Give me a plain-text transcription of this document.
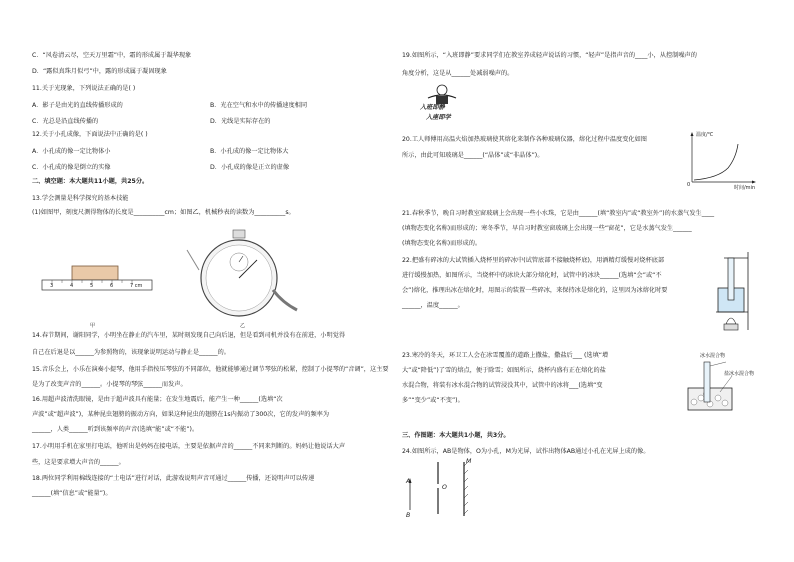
C．“风卷清云尽，空天万里霜”中，霜的形成属于凝华现象
D．“露似真珠月似弓”中，露的形成属于凝固现象
11.关于光现象，下列说法正确的是( )
A．影子是由光的直线传播形成的	B．光在空气和水中的传播速度相同
C．光总是沿直线传播的	D．光线是实际存在的
12.关于小孔成像，下面说法中正确的是( )
A．小孔成的像一定比物体小	B．小孔成的像一定比物体大
C．小孔成的像是倒立的实像	D．小孔成的像是正立的虚像
二、填空题：本大题共11小题，共25分。
13.学会测量是科学探究的基本技能
(1)如图甲，刻度尺测得物体的长度是__________cm；如图乙，机械秒表的读数为__________s。
3	4	5	6	7 cm
甲	乙
14.春节期间，谢阳同学，小明坐在静止的汽车里，某时刻发现自己向后退，但是看到司机并没有在前进，小明觉得
自己在后退是以______为参照物的，该现象说明运动与静止是______的。
15.音乐会上，小乐在演奏小提琴，他用手指按压琴弦的不同部位，他就能够通过调节琴弦的松紧，控制了小提琴的“音调”，这主要
是为了改变声音的______。小提琴的琴弦______而发声。
16.用超声波清洗眼镜，是由于超声波具有能量；在发生地震后，能产生一种______(选填“次
声波”或“超声波”)，某种昆虫翅膀的振动方向，如果这种昆虫的翅膀在1s内振动了300次，它的发声的频率为
______，人类______听到该频率的声音(选填“能”或“不能”)。
17.小明用手机在家里打电话，他听出是妈妈在接电话，主要是依据声音的______不同来判断的。妈妈让他说话大声
些，这是要求增大声音的______。
18.两位同学利用棉线连接的“土电话”进行对话，此游戏说明声音可通过______传播，还说明声可以传递
______(填“信息”或“能量”)。
19.如图所示，“入班即静”要求同学们在教室养成轻声说话的习惯，“轻声”是指声音的____小，从控制噪声的
角度分析，这是从______处减弱噪声的。
入班即静
入座即学
20.工人师傅用高温火焰加热玻璃使其熔化来制作各种玻璃仪器，熔化过程中温度变化如图
所示，由此可知玻璃是______(“晶体”或“非晶体”)。
温度/℃
时间/min
0
21.春秋季节，晚自习时教室窗玻璃上会出现一些小水珠，它是由______(填“教室内”或“教室外”)的水蒸气发生____
(填物态变化名称)而形成的；寒冬季节，早自习时教室窗玻璃上会出现一些“窗花”，它是水蒸气发生______
(填物态变化名称)而形成的。
22.把盛有碎冰的大试管插入烧杯里的碎冰中(试管底部不接触烧杯底)，用酒精灯缓慢对烧杯底部
进行缓慢加热，如图所示，当烧杯中的冰块大部分熔化时，试管中的冰块______(选填“会”或“不
会”)熔化，推理出冰在熔化时，用图示的装置一些碎冰，来保持冰是熔化的，这里因为冰熔化时要
______，温度______。
23.寒冷的冬天，环卫工人会在冰雪覆盖的道路上撒盐，撒盐后___ (选填“增
大”或“降低”)了雪的熔点，便于除雪；如图所示，烧杯内盛有正在熔化的盐
水混合物，将装有冰水混合物的试管浸没其中，试管中的冰将___(选填“变
多”“变少”或“不变”)。
冰水混合物
盐冰水混合物
三、作图题：本大题共1小题，共3分。
24.如图所示，AB是物体，O为小孔，M为光屏，试作出物体AB通过小孔在光屏上成的像。
A
B
O
M
